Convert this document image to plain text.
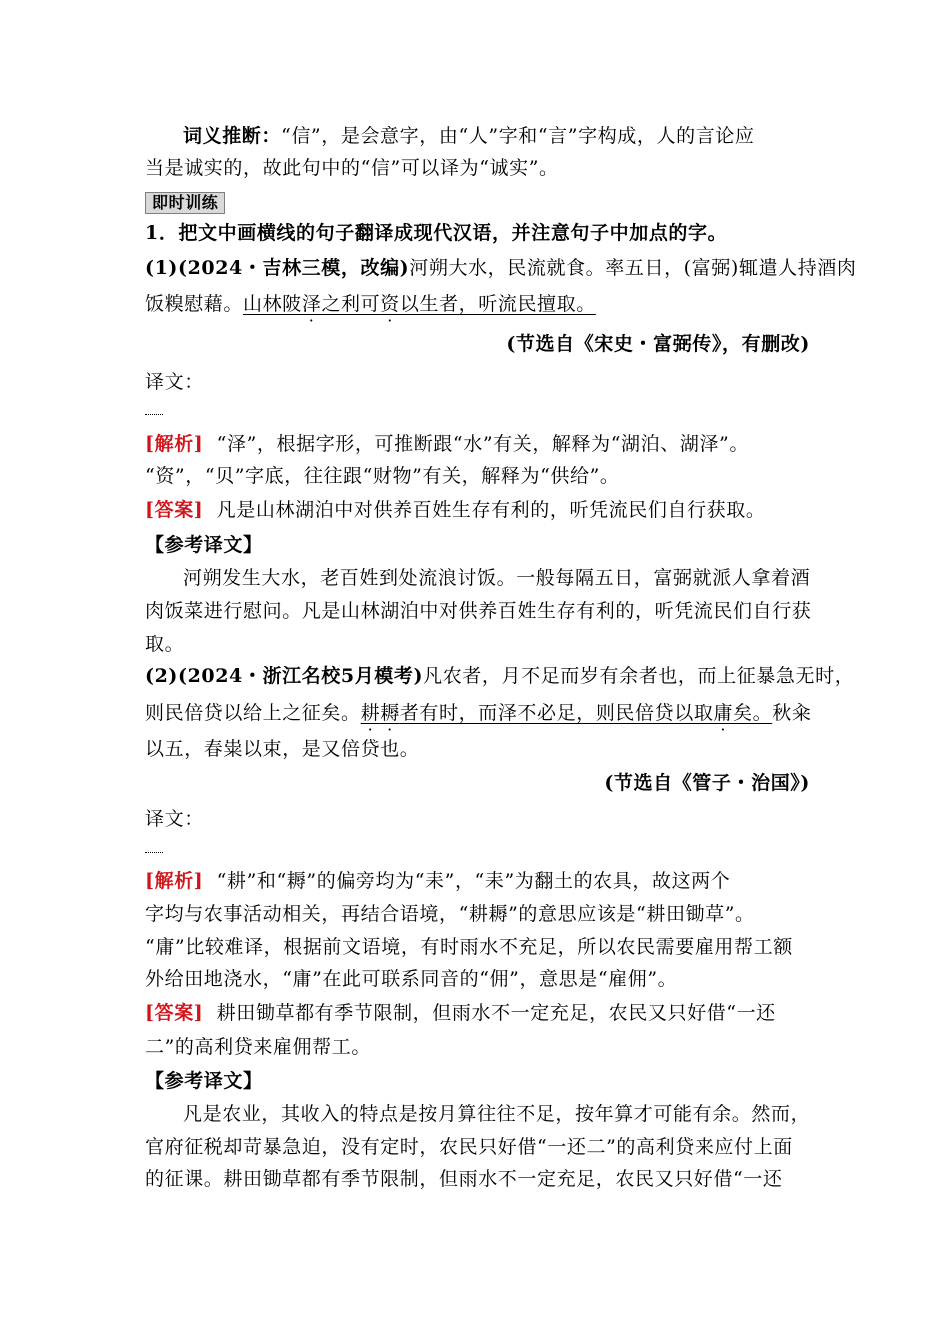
词义推断：“信”，是会意字，由“人”字和“言”字构成，人的言论应
当是诚实的，故此句中的“信”可以译为“诚实”。
即时训练
1．把文中画横线的句子翻译成现代汉语，并注意句子中加点的字。
(1)(2024・吉林三模，改编)河朔大水，民流就食。率五日，(富弼)辄遣人持酒肉
饭糗慰藉。山林陂泽之利可资以生者，听流民擅取。
(节选自《宋史・富弼传》，有删改)
译文：
[解析] “泽”，根据字形，可推断跟“水”有关，解释为“湖泊、湖泽”。
“资”，“贝”字底，往往跟“财物”有关，解释为“供给”。
[答案] 凡是山林湖泊中对供养百姓生存有利的，听凭流民们自行获取。
【参考译文】
河朔发生大水，老百姓到处流浪讨饭。一般每隔五日，富弼就派人拿着酒
肉饭菜进行慰问。凡是山林湖泊中对供养百姓生存有利的，听凭流民们自行获
取。
(2)(2024・浙江名校5月模考)凡农者，月不足而岁有余者也，而上征暴急无时，
则民倍贷以给上之征矣。耕耨者有时，而泽不必足，则民倍贷以取庸矣。秋籴
以五，春粜以束，是又倍贷也。
(节选自《管子・治国》)
译文：
[解析] “耕”和“耨”的偏旁均为“耒”，“耒”为翻土的农具，故这两个
字均与农事活动相关，再结合语境，“耕耨”的意思应该是“耕田锄草”。
“庸”比较难译，根据前文语境，有时雨水不充足，所以农民需要雇用帮工额
外给田地浇水，“庸”在此可联系同音的“佣”，意思是“雇佣”。
[答案] 耕田锄草都有季节限制，但雨水不一定充足，农民又只好借“一还
二”的高利贷来雇佣帮工。
【参考译文】
凡是农业，其收入的特点是按月算往往不足，按年算才可能有余。然而，
官府征税却苛暴急迫，没有定时，农民只好借“一还二”的高利贷来应付上面
的征课。耕田锄草都有季节限制，但雨水不一定充足，农民又只好借“一还
